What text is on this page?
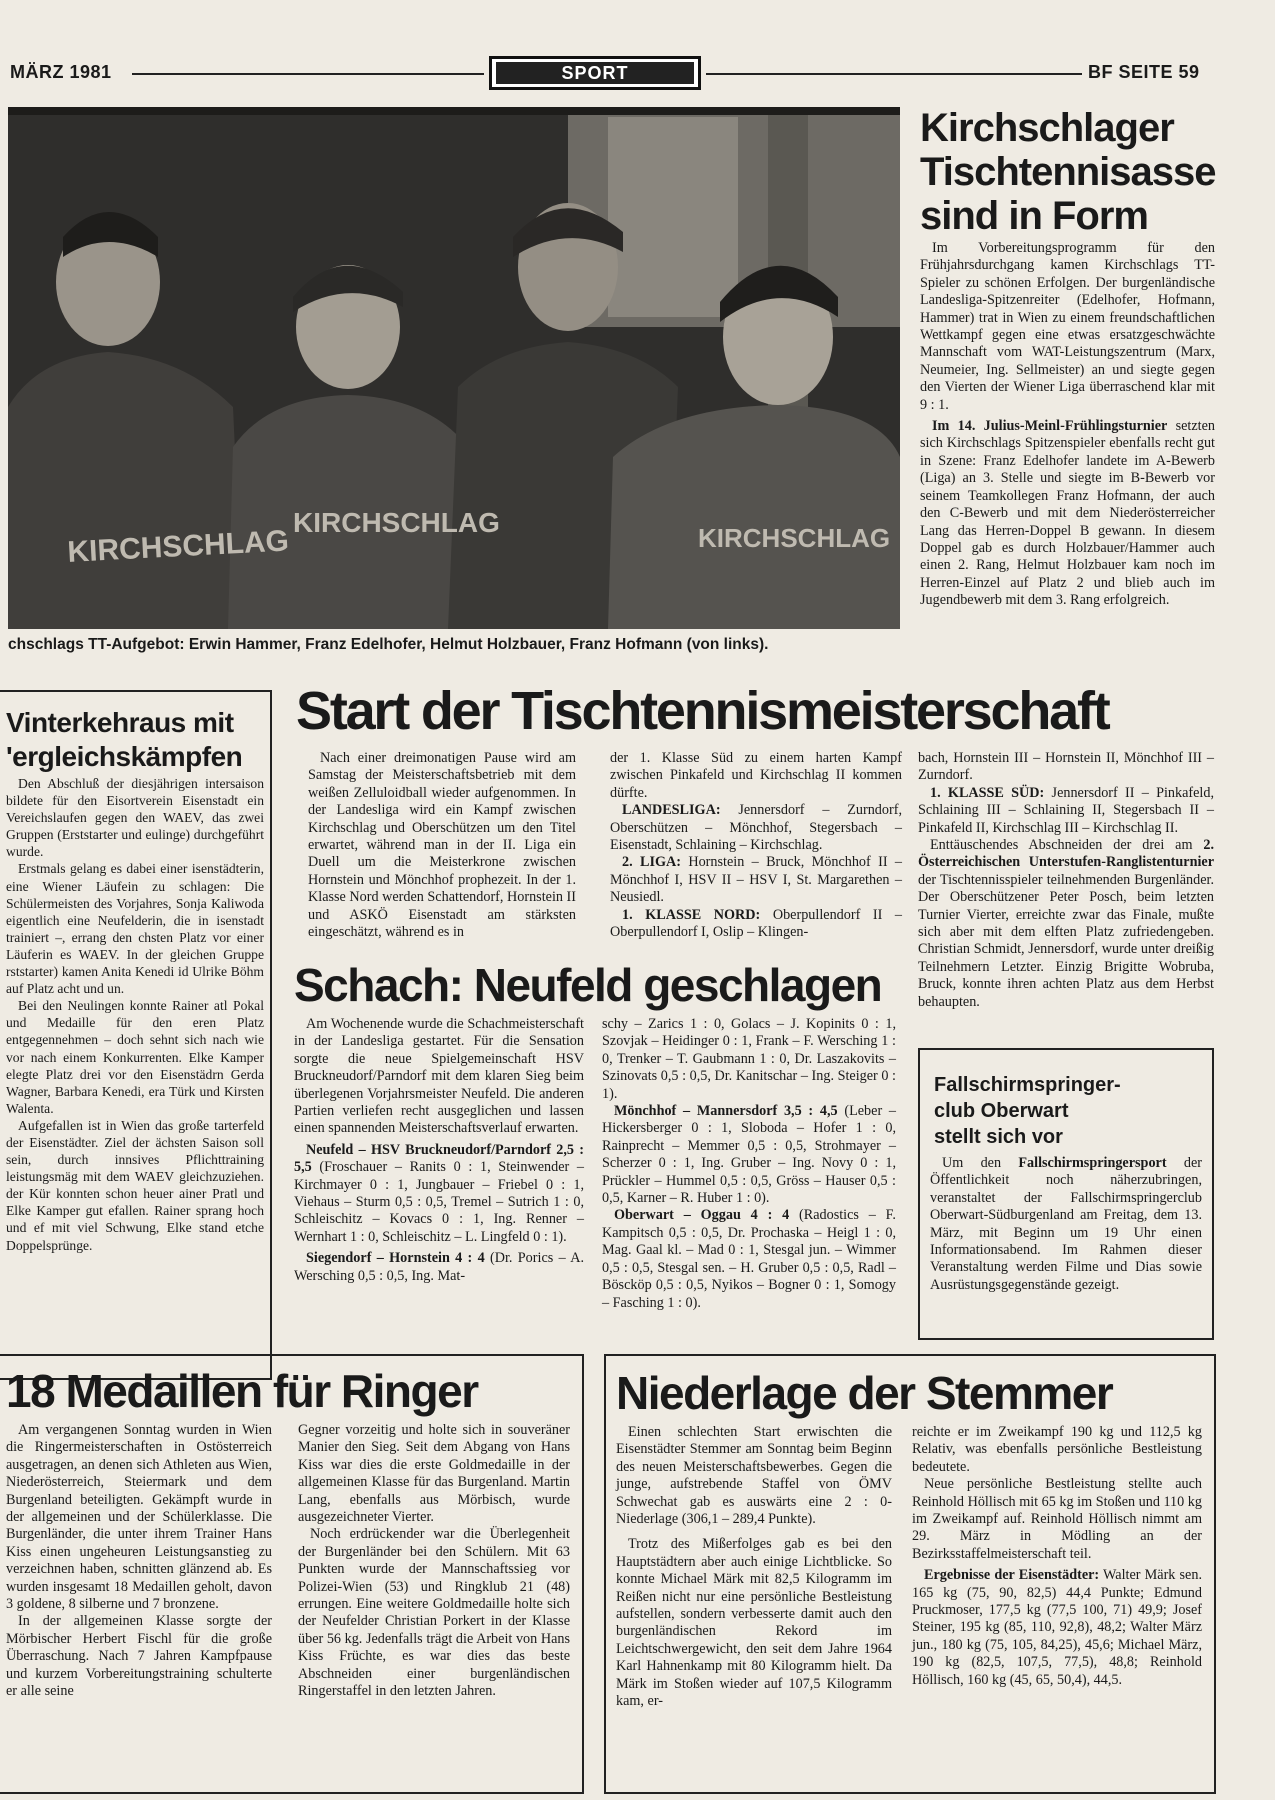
MÄRZ 1981	SPORT	BF SEITE 59
KIRCHSCHLAG
KIRCHSCHLAG	KIRCHSCHLAG
chschlags TT-Aufgebot: Erwin Hammer, Franz Edelhofer, Helmut Holzbauer, Franz Hofmann (von links).
Kirchschlager
Tischtennisasse
sind in Form

Im Vorbereitungsprogramm für den Frühjahrsdurchgang kamen Kirchschlags TT-Spieler zu schönen Erfolgen. Der burgenländische Landesliga-Spitzenreiter (Edelhofer, Hofmann, Hammer) trat in Wien zu einem freundschaftlichen Wettkampf gegen eine etwas ersatzgeschwächte Mannschaft vom WAT-Leistungszentrum (Marx, Neumeier, Ing. Sellmeister) an und siegte gegen den Vierten der Wiener Liga überraschend klar mit 9 : 1.

Im 14. Julius-Meinl-Frühlingsturnier setzten sich Kirchschlags Spitzenspieler ebenfalls recht gut in Szene: Franz Edelhofer landete im A-Bewerb (Liga) an 3. Stelle und siegte im B-Bewerb vor seinem Teamkollegen Franz Hofmann, der auch den C-Bewerb und mit dem Niederösterreicher Lang das Herren-Doppel B gewann. In diesem Doppel gab es durch Holzbauer/Hammer auch einen 2. Rang, Helmut Holzbauer kam noch im Herren-Einzel auf Platz 2 und blieb auch im Jugendbewerb mit dem 3. Rang erfolgreich.

Vinterkehraus mit
'ergleichskämpfen

Den Abschluß der diesjährigen intersaison bildete für den Eisortverein Eisenstadt ein Vereichslaufen gegen den WAEV, das zwei Gruppen (Erststarter und eulinge) durchgeführt wurde.

Erstmals gelang es dabei einer isenstädterin, eine Wiener Läufein zu schlagen: Die Schülermeisten des Vorjahres, Sonja Kaliwoda eigentlich eine Neufelderin, die in isenstadt trainiert –, errang den chsten Platz vor einer Läuferin es WAEV. In der gleichen Gruppe rststarter) kamen Anita Kenedi id Ulrike Böhm auf Platz acht und un.

Bei den Neulingen konnte Rainer atl Pokal und Medaille für den eren Platz entgegennehmen – doch sehnt sich nach wie vor nach einem Konkurrenten. Elke Kamper elegte Platz drei vor den Eisenstädrn Gerda Wagner, Barbara Kenedi, era Türk und Kirsten Walenta.

Aufgefallen ist in Wien das große tarterfeld der Eisenstädter. Ziel der ächsten Saison soll sein, durch innsives Pflichttraining leistungsmäg mit dem WAEV gleichzuziehen. der Kür konnten schon heuer ainer Pratl und Elke Kamper gut efallen. Rainer sprang hoch und ef mit viel Schwung, Elke stand etche Doppelsprünge.

Start der Tischtennismeisterschaft

Nach einer dreimonatigen Pause wird am Samstag der Meisterschaftsbetrieb mit dem weißen Zelluloidball wieder aufgenommen. In der Landesliga wird ein Kampf zwischen Kirchschlag und Oberschützen um den Titel erwartet, während man in der II. Liga ein Duell um die Meisterkrone zwischen Hornstein und Mönchhof prophezeit. In der 1. Klasse Nord werden Schattendorf, Hornstein II und ASKÖ Eisenstadt am stärksten eingeschätzt, während es in

der 1. Klasse Süd zu einem harten Kampf zwischen Pinkafeld und Kirchschlag II kommen dürfte.

LANDESLIGA: Jennersdorf – Zurndorf, Oberschützen – Mönchhof, Stegersbach – Eisenstadt, Schlaining – Kirchschlag.

2. LIGA: Hornstein – Bruck, Mönchhof II – Mönchhof I, HSV II – HSV I, St. Margarethen – Neusiedl.

1. KLASSE NORD: Oberpullendorf II – Oberpullendorf I, Oslip – Klingen-

bach, Hornstein III – Hornstein II, Mönchhof III – Zurndorf.

1. KLASSE SÜD: Jennersdorf II – Pinkafeld, Schlaining III – Schlaining II, Stegersbach II – Pinkafeld II, Kirchschlag III – Kirchschlag II.

Enttäuschendes Abschneiden der drei am 2. Österreichischen Unterstufen-Ranglistenturnier der Tischtennisspieler teilnehmenden Burgenländer. Der Oberschützener Peter Posch, beim letzten Turnier Vierter, erreichte zwar das Finale, mußte sich aber mit dem elften Platz zufriedengeben. Christian Schmidt, Jennersdorf, wurde unter dreißig Teilnehmern Letzter. Einzig Brigitte Wobruba, Bruck, konnte ihren achten Platz aus dem Herbst behaupten.

Schach: Neufeld geschlagen

Am Wochenende wurde die Schachmeisterschaft in der Landesliga gestartet. Für die Sensation sorgte die neue Spielgemeinschaft HSV Bruckneudorf/Parndorf mit dem klaren Sieg beim überlegenen Vorjahrsmeister Neufeld. Die anderen Partien verliefen recht ausgeglichen und lassen einen spannenden Meisterschaftsverlauf erwarten.

Neufeld – HSV Bruckneudorf/Parndorf 2,5 : 5,5 (Froschauer – Ranits 0 : 1, Steinwender – Kirchmayer 0 : 1, Jungbauer – Friebel 0 : 1, Viehaus – Sturm 0,5 : 0,5, Tremel – Sutrich 1 : 0, Schleischitz – Kovacs 0 : 1, Ing. Renner – Wernhart 1 : 0, Schleischitz – L. Lingfeld 0 : 1).

Siegendorf – Hornstein 4 : 4 (Dr. Porics – A. Wersching 0,5 : 0,5, Ing. Mat-

schy – Zarics 1 : 0, Golacs – J. Kopinits 0 : 1, Szovjak – Heidinger 0 : 1, Frank – F. Wersching 1 : 0, Trenker – T. Gaubmann 1 : 0, Dr. Laszakovits – Szinovats 0,5 : 0,5, Dr. Kanitschar – Ing. Steiger 0 : 1).

Mönchhof – Mannersdorf 3,5 : 4,5 (Leber – Hickersberger 0 : 1, Sloboda – Hofer 1 : 0, Rainprecht – Memmer 0,5 : 0,5, Strohmayer – Scherzer 0 : 1, Ing. Gruber – Ing. Novy 0 : 1, Prückler – Hummel 0,5 : 0,5, Gröss – Hauser 0,5 : 0,5, Karner – R. Huber 1 : 0).

Oberwart – Oggau 4 : 4 (Radostics – F. Kampitsch 0,5 : 0,5, Dr. Prochaska – Heigl 1 : 0, Mag. Gaal kl. – Mad 0 : 1, Stesgal jun. – Wimmer 0,5 : 0,5, Stesgal sen. – H. Gruber 0,5 : 0,5, Radl – Böscköр 0,5 : 0,5, Nyikos – Bogner 0 : 1, Somogy – Fasching 1 : 0).

Fallschirmspringer-
club Oberwart
stellt sich vor

Um den Fallschirmspringersport der Öffentlichkeit noch näherzubringen, veranstaltet der Fallschirmspringerclub Oberwart-Südburgenland am Freitag, dem 13. März, mit Beginn um 19 Uhr einen Informationsabend. Im Rahmen dieser Veranstaltung werden Filme und Dias sowie Ausrüstungsgegenstände gezeigt.

18 Medaillen für Ringer

Am vergangenen Sonntag wurden in Wien die Ringermeisterschaften in Ostösterreich ausgetragen, an denen sich Athleten aus Wien, Niederösterreich, Steiermark und dem Burgenland beteiligten. Gekämpft wurde in der allgemeinen und der Schülerklasse. Die Burgenländer, die unter ihrem Trainer Hans Kiss einen ungeheuren Leistungsanstieg zu verzeichnen haben, schnitten glänzend ab. Es wurden insgesamt 18 Medaillen geholt, davon 3 goldene, 8 silberne und 7 bronzene.

In der allgemeinen Klasse sorgte der Mörbischer Herbert Fischl für die große Überraschung. Nach 7 Jahren Kampfpause und kurzem Vorbereitungstraining schulterte er alle seine

Gegner vorzeitig und holte sich in souveräner Manier den Sieg. Seit dem Abgang von Hans Kiss war dies die erste Goldmedaille in der allgemeinen Klasse für das Burgenland. Martin Lang, ebenfalls aus Mörbisch, wurde ausgezeichneter Vierter.

Noch erdrückender war die Überlegenheit der Burgenländer bei den Schülern. Mit 63 Punkten wurde der Mannschaftssieg vor Polizei-Wien (53) und Ringklub 21 (48) errungen. Eine weitere Goldmedaille holte sich der Neufelder Christian Porkert in der Klasse über 56 kg. Jedenfalls trägt die Arbeit von Hans Kiss Früchte, es war dies das beste Abschneiden einer burgenländischen Ringerstaffel in den letzten Jahren.

Niederlage der Stemmer

Einen schlechten Start erwischten die Eisenstädter Stemmer am Sonntag beim Beginn des neuen Meisterschaftsbewerbes. Gegen die junge, aufstrebende Staffel von ÖMV Schwechat gab es auswärts eine 2 : 0-Niederlage (306,1 – 289,4 Punkte).

Trotz des Mißerfolges gab es bei den Hauptstädtern aber auch einige Lichtblicke. So konnte Michael Märk mit 82,5 Kilogramm im Reißen nicht nur eine persönliche Bestleistung aufstellen, sondern verbesserte damit auch den burgenländischen Rekord im Leichtschwergewicht, den seit dem Jahre 1964 Karl Hahnenkamp mit 80 Kilogramm hielt. Da Märk im Stoßen wieder auf 107,5 Kilogramm kam, er-

reichte er im Zweikampf 190 kg und 112,5 kg Relativ, was ebenfalls persönliche Bestleistung bedeutete.

Neue persönliche Bestleistung stellte auch Reinhold Höllisch mit 65 kg im Stoßen und 110 kg im Zweikampf auf. Reinhold Höllisch nimmt am 29. März in Mödling an der Bezirksstaffelmeisterschaft teil.

Ergebnisse der Eisenstädter: Walter Märk sen. 165 kg (75, 90, 82,5) 44,4 Punkte; Edmund Pruckmoser, 177,5 kg (77,5 100, 71) 49,9; Josef Steiner, 195 kg (85, 110, 92,8), 48,2; Walter März jun., 180 kg (75, 105, 84,25), 45,6; Michael März, 190 kg (82,5, 107,5, 77,5), 48,8; Reinhold Höllisch, 160 kg (45, 65, 50,4), 44,5.
